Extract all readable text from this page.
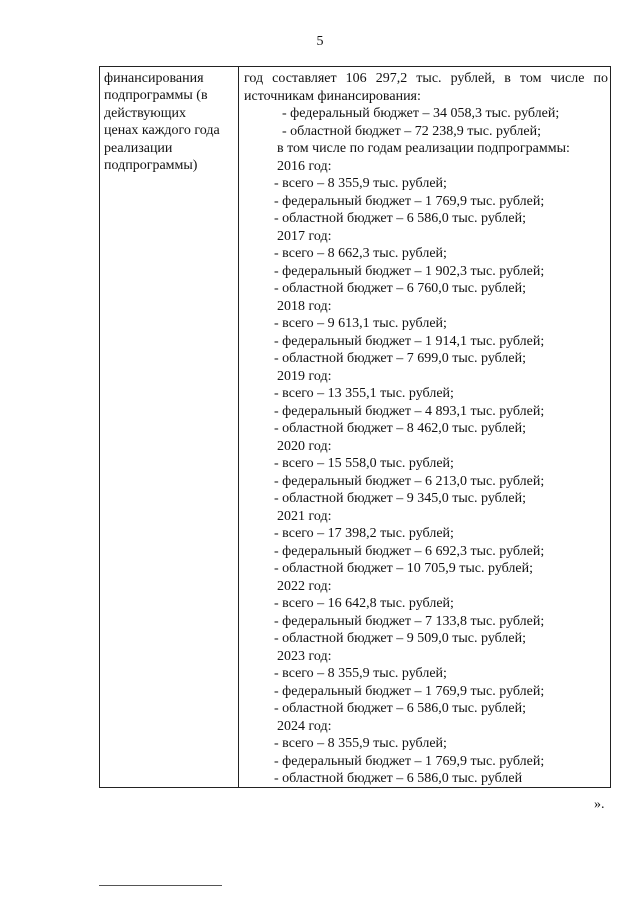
5
финансирования
подпрограммы (в
действующих
ценах каждого года
реализации
подпрограммы)
год составляет 106 297,2 тыс. рублей, в том числе по
источникам финансирования:
- федеральный бюджет – 34 058,3 тыс. рублей;
- областной бюджет – 72 238,9 тыс. рублей;
в том числе по годам реализации подпрограммы:
2016 год:
- всего – 8 355,9 тыс. рублей;
- федеральный бюджет – 1 769,9 тыс. рублей;
- областной бюджет – 6 586,0 тыс. рублей;
2017 год:
- всего – 8 662,3 тыс. рублей;
- федеральный бюджет – 1 902,3 тыс. рублей;
- областной бюджет – 6 760,0 тыс. рублей;
2018 год:
- всего – 9 613,1 тыс. рублей;
- федеральный бюджет – 1 914,1 тыс. рублей;
- областной бюджет – 7 699,0 тыс. рублей;
2019 год:
- всего – 13 355,1 тыс. рублей;
- федеральный бюджет – 4 893,1 тыс. рублей;
- областной бюджет – 8 462,0 тыс. рублей;
2020 год:
- всего – 15 558,0 тыс. рублей;
- федеральный бюджет – 6 213,0 тыс. рублей;
- областной бюджет – 9 345,0 тыс. рублей;
2021 год:
- всего – 17 398,2 тыс. рублей;
- федеральный бюджет – 6 692,3 тыс. рублей;
- областной бюджет – 10 705,9 тыс. рублей;
2022 год:
- всего – 16 642,8 тыс. рублей;
- федеральный бюджет – 7 133,8 тыс. рублей;
- областной бюджет – 9 509,0 тыс. рублей;
2023 год:
- всего – 8 355,9 тыс. рублей;
- федеральный бюджет – 1 769,9 тыс. рублей;
- областной бюджет – 6 586,0 тыс. рублей;
2024 год:
- всего – 8 355,9 тыс. рублей;
- федеральный бюджет – 1 769,9 тыс. рублей;
- областной бюджет – 6 586,0 тыс. рублей
».
